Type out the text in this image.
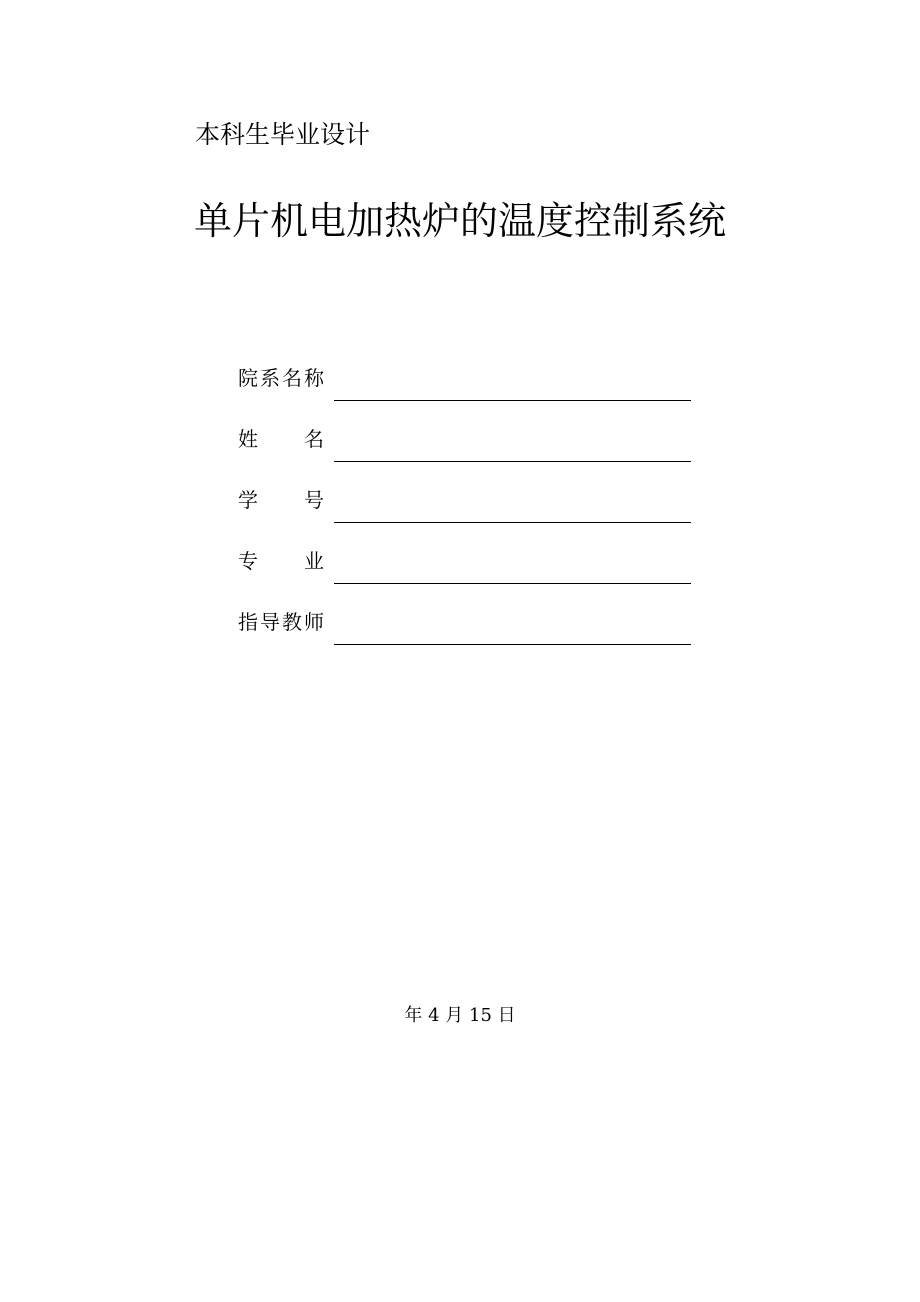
本科生毕业设计
单片机电加热炉的温度控制系统
院系名称
姓名
学号
专业
指导教师
年 4 月 15 日
